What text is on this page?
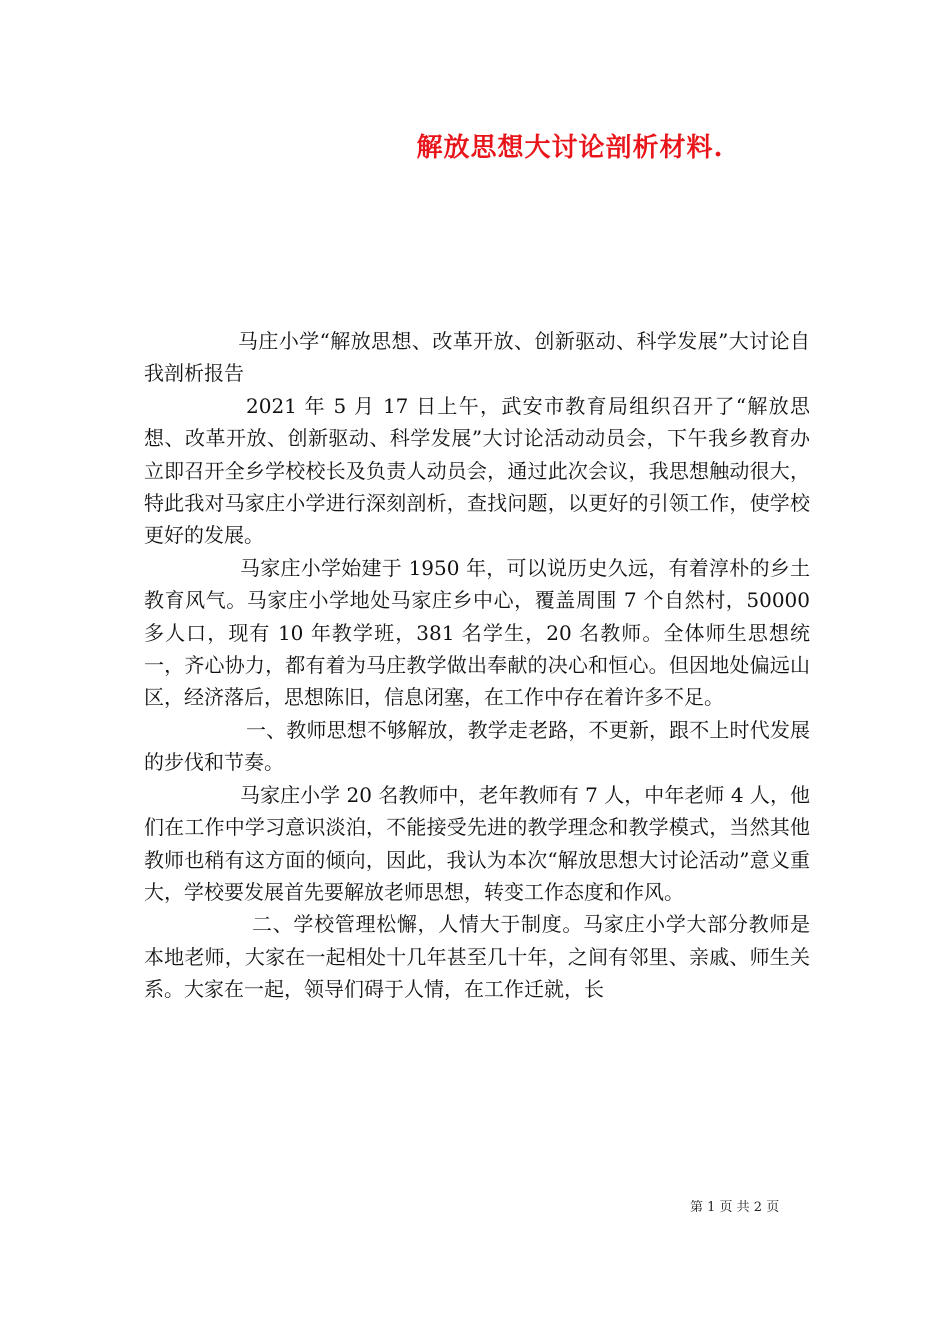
解放思想大讨论剖析材料.

马庄小学“解放思想、改革开放、创新驱动、科学发展”大讨论自我剖析报告

2021 年 5 月 17 日上午，武安市教育局组织召开了“解放思想、改革开放、创新驱动、科学发展”大讨论活动动员会，下午我乡教育办立即召开全乡学校校长及负责人动员会，通过此次会议，我思想触动很大，特此我对马家庄小学进行深刻剖析，查找问题，以更好的引领工作，使学校更好的发展。

马家庄小学始建于 1950 年，可以说历史久远，有着淳朴的乡土教育风气。马家庄小学地处马家庄乡中心，覆盖周围 7 个自然村，50000 多人口，现有 10 年教学班，381 名学生，20 名教师。全体师生思想统一，齐心协力，都有着为马庄教学做出奉献的决心和恒心。但因地处偏远山区，经济落后，思想陈旧，信息闭塞，在工作中存在着许多不足。

一、教师思想不够解放，教学走老路，不更新，跟不上时代发展的步伐和节奏。

马家庄小学 20 名教师中，老年教师有 7 人，中年老师 4 人，他们在工作中学习意识淡泊，不能接受先进的教学理念和教学模式，当然其他教师也稍有这方面的倾向，因此，我认为本次“解放思想大讨论活动”意义重大，学校要发展首先要解放老师思想，转变工作态度和作风。

二、学校管理松懈，人情大于制度。马家庄小学大部分教师是本地老师，大家在一起相处十几年甚至几十年，之间有邻里、亲戚、师生关系。大家在一起，领导们碍于人情，在工作迁就，长

第 1 页 共 2 页
